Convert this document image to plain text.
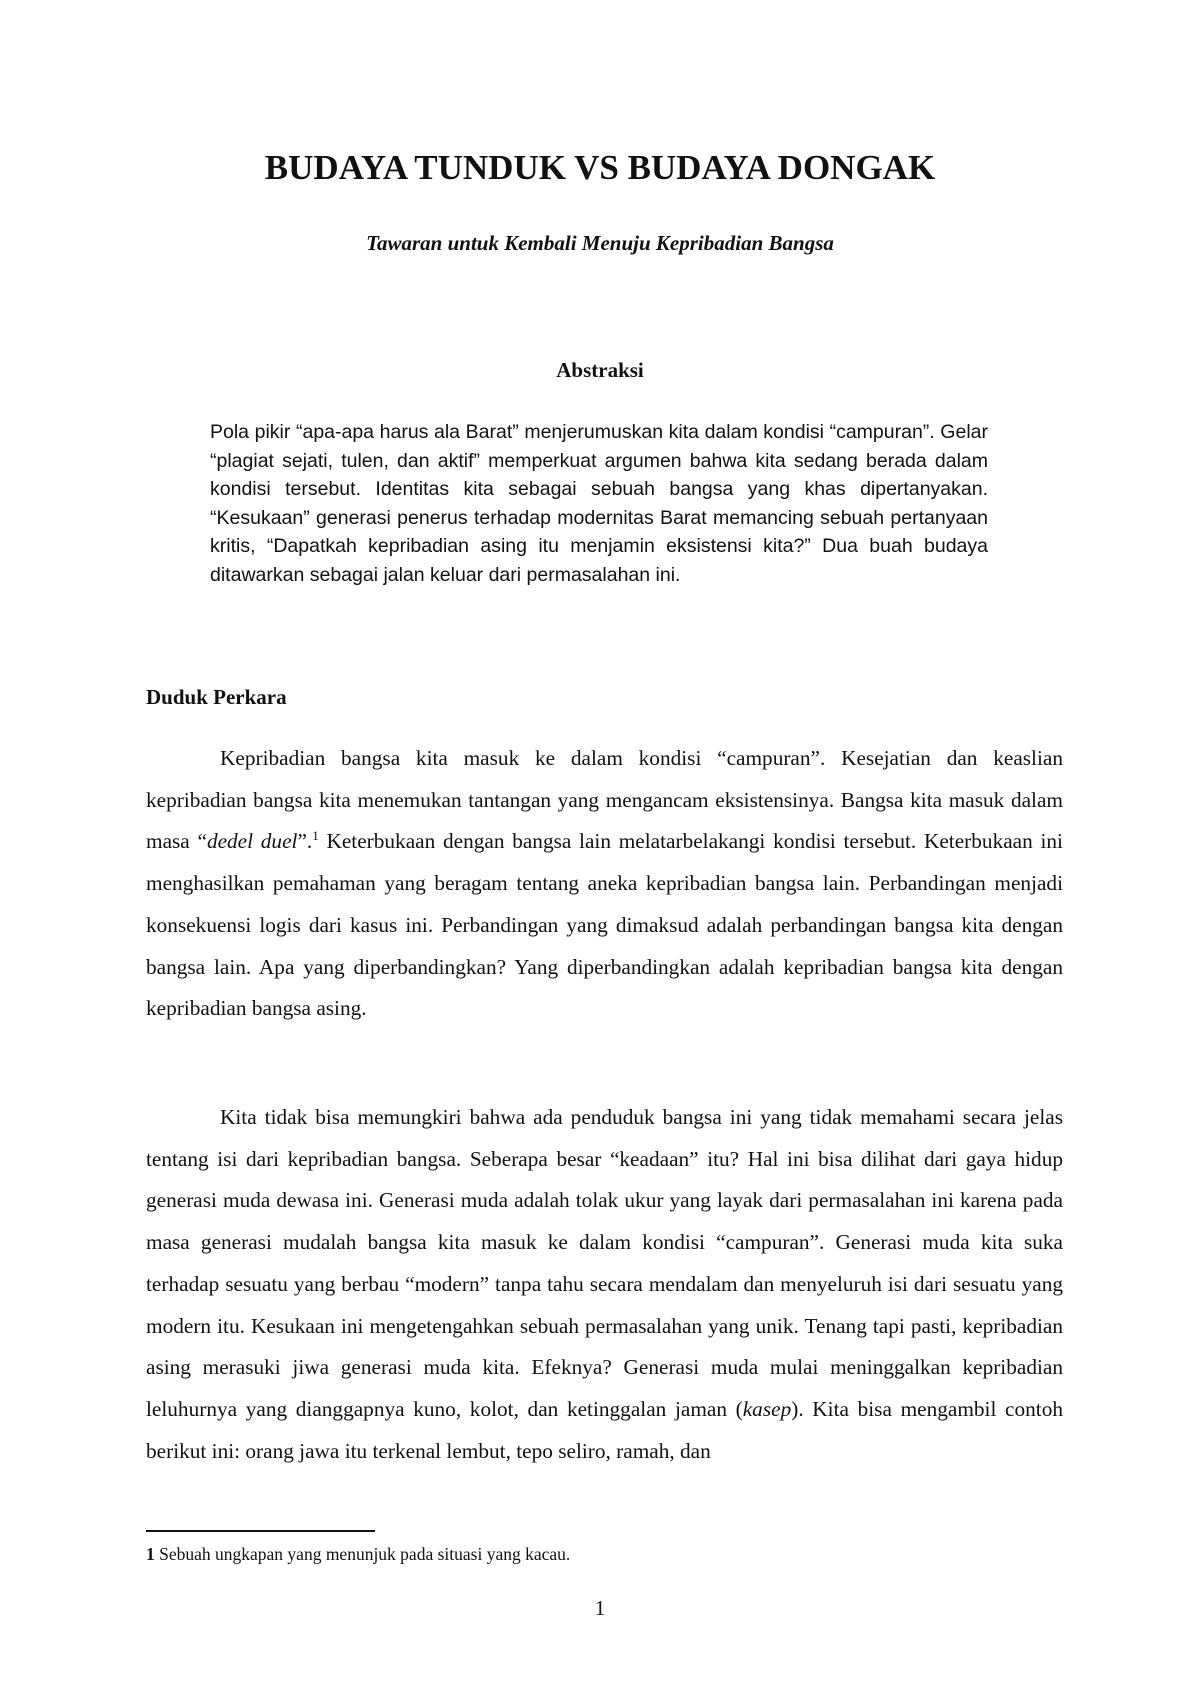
BUDAYA TUNDUK VS BUDAYA DONGAK
Tawaran untuk Kembali Menuju Kepribadian Bangsa
Abstraksi

Pola pikir “apa-apa harus ala Barat” menjerumuskan kita dalam kondisi “campuran”. Gelar “plagiat sejati, tulen, dan aktif” memperkuat argumen bahwa kita sedang berada dalam kondisi tersebut. Identitas kita sebagai sebuah bangsa yang khas dipertanyakan. “Kesukaan” generasi penerus terhadap modernitas Barat memancing sebuah pertanyaan kritis, “Dapatkah kepribadian asing itu menjamin eksistensi kita?” Dua buah budaya ditawarkan sebagai jalan keluar dari permasalahan ini.

Duduk Perkara

Kepribadian bangsa kita masuk ke dalam kondisi “campuran”. Kesejatian dan keaslian kepribadian bangsa kita menemukan tantangan yang mengancam eksistensinya. Bangsa kita masuk dalam masa “dedel duel”.$^1$ Keterbukaan dengan bangsa lain melatarbelakangi kondisi tersebut. Keterbukaan ini menghasilkan pemahaman yang beragam tentang aneka kepribadian bangsa lain. Perbandingan menjadi konsekuensi logis dari kasus ini. Perbandingan yang dimaksud adalah perbandingan bangsa kita dengan bangsa lain. Apa yang diperbandingkan? Yang diperbandingkan adalah kepribadian bangsa kita dengan kepribadian bangsa asing.

Kita tidak bisa memungkiri bahwa ada penduduk bangsa ini yang tidak memahami secara jelas tentang isi dari kepribadian bangsa. Seberapa besar “keadaan” itu? Hal ini bisa dilihat dari gaya hidup generasi muda dewasa ini. Generasi muda adalah tolak ukur yang layak dari permasalahan ini karena pada masa generasi mudalah bangsa kita masuk ke dalam kondisi “campuran”. Generasi muda kita suka terhadap sesuatu yang berbau “modern” tanpa tahu secara mendalam dan menyeluruh isi dari sesuatu yang modern itu. Kesukaan ini mengetengahkan sebuah permasalahan yang unik. Tenang tapi pasti, kepribadian asing merasuki jiwa generasi muda kita. Efeknya? Generasi muda mulai meninggalkan kepribadian leluhurnya yang dianggapnya kuno, kolot, dan ketinggalan jaman (kasep). Kita bisa mengambil contoh berikut ini: orang jawa itu terkenal lembut, tepo seliro, ramah, dan

1 Sebuah ungkapan yang menunjuk pada situasi yang kacau.
1
